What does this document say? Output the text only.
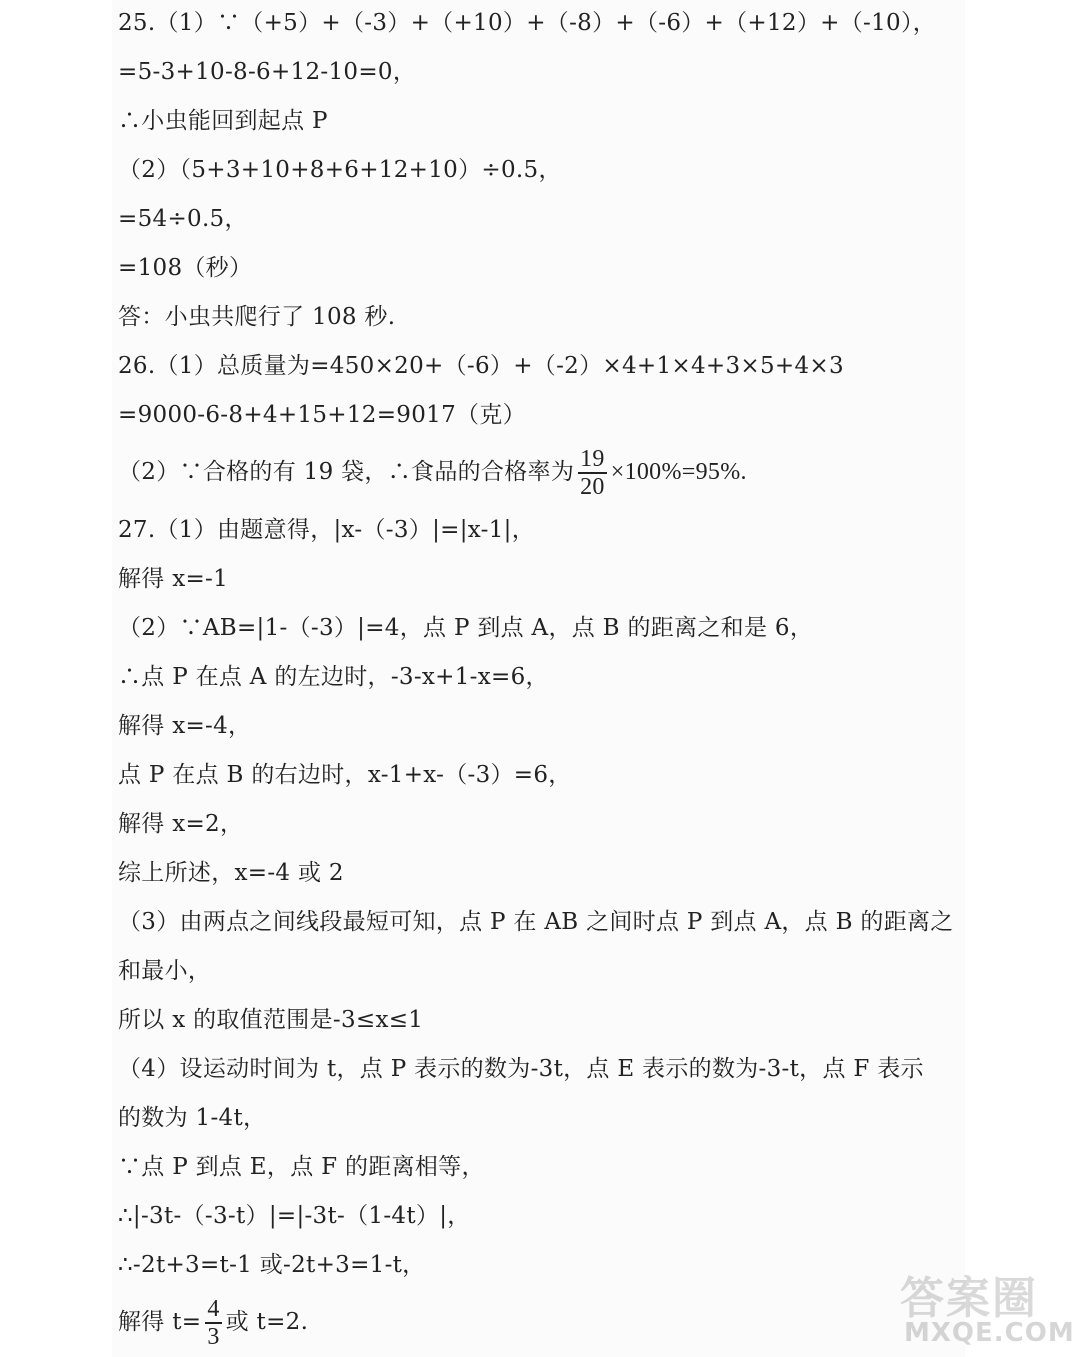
25.（1）∵（+5）+（-3）+（+10）+（-8）+（-6）+（+12）+（-10），
=5-3+10-8-6+12-10=0，
∴小虫能回到起点 P
（2）（5+3+10+8+6+12+10）÷0.5，
=54÷0.5，
=108（秒）
答：小虫共爬行了 108 秒.
26.（1）总质量为=450×20+（-6）+（-2）×4+1×4+3×5+4×3
=9000-6-8+4+15+12=9017（克）
（2）∵合格的有 19 袋，∴食品的合格率为 $\frac{19}{20} \times 100\%=95\%$.
27.（1）由题意得，|x-（-3）|=|x-1|，
解得 x=-1
（2）∵AB=|1-（-3）|=4，点 P 到点 A，点 B 的距离之和是 6，
∴点 P 在点 A 的左边时，-3-x+1-x=6，
解得 x=-4，
点 P 在点 B 的右边时，x-1+x-（-3）=6，
解得 x=2，
综上所述，x=-4 或 2
（3）由两点之间线段最短可知，点 P 在 AB 之间时点 P 到点 A，点 B 的距离之
和最小，
所以 x 的取值范围是-3≤x≤1
（4）设运动时间为 t，点 P 表示的数为-3t，点 E 表示的数为-3-t，点 F 表示
的数为 1-4t，
∵点 P 到点 E，点 F 的距离相等，
∴|-3t-（-3-t）|=|-3t-（1-4t）|，
∴-2t+3=t-1 或-2t+3=1-t，
解得 $t= \frac{4}{3}$ 或 t=2.	答案圈
MXQE.COM
